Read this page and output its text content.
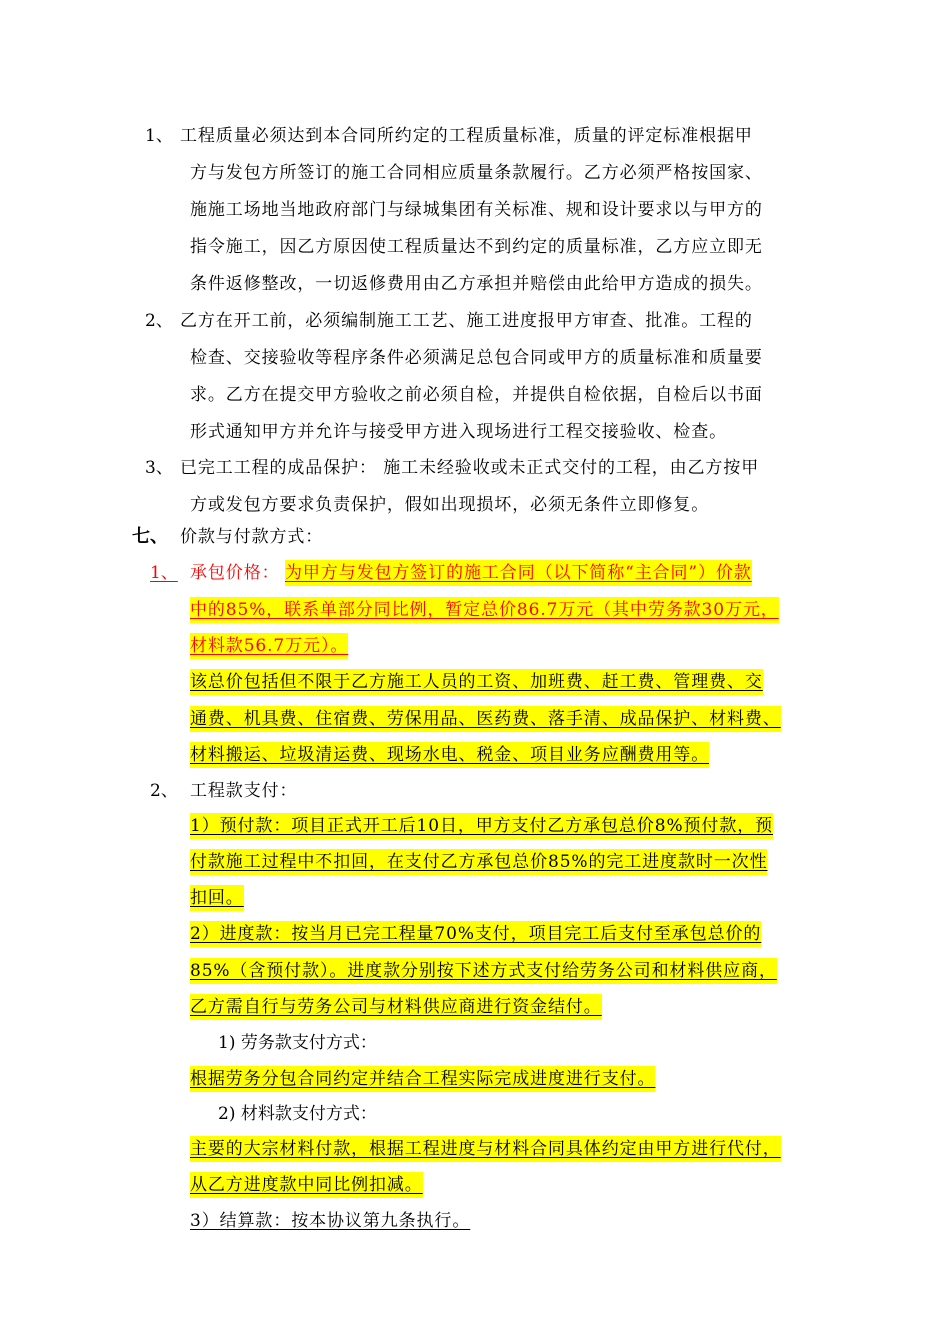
1、 工程质量必须达到本合同所约定的工程质量标准，质量的评定标准根据甲
方与发包方所签订的施工合同相应质量条款履行。乙方必须严格按国家、
施施工场地当地政府部门与绿城集团有关标准、规和设计要求以与甲方的
指令施工，因乙方原因使工程质量达不到约定的质量标准，乙方应立即无
条件返修整改，一切返修费用由乙方承担并赔偿由此给甲方造成的损失。
2、 乙方在开工前，必须编制施工工艺、施工进度报甲方审查、批准。工程的
检查、交接验收等程序条件必须满足总包合同或甲方的质量标准和质量要
求。乙方在提交甲方验收之前必须自检，并提供自检依据，自检后以书面
形式通知甲方并允许与接受甲方进入现场进行工程交接验收、检查。
3、 已完工工程的成品保护： 施工未经验收或未正式交付的工程，由乙方按甲
方或发包方要求负责保护，假如出现损坏，必须无条件立即修复。
七、 价款与付款方式：
1、 承包价格： 为甲方与发包方签订的施工合同（以下简称“主合同”）价款
中的85%，联系单部分同比例，暂定总价86.7万元（其中劳务款30万元，
材料款56.7万元）。
该总价包括但不限于乙方施工人员的工资、加班费、赶工费、管理费、交
通费、机具费、住宿费、劳保用品、医药费、落手清、成品保护、材料费、
材料搬运、垃圾清运费、现场水电、税金、项目业务应酬费用等。
2、 工程款支付：
1）预付款：项目正式开工后10日，甲方支付乙方承包总价8%预付款，预
付款施工过程中不扣回，在支付乙方承包总价85%的完工进度款时一次性
扣回。
2）进度款：按当月已完工程量70%支付，项目完工后支付至承包总价的
85%（含预付款）。进度款分别按下述方式支付给劳务公司和材料供应商，
乙方需自行与劳务公司与材料供应商进行资金结付。
1) 劳务款支付方式：
根据劳务分包合同约定并结合工程实际完成进度进行支付。
2) 材料款支付方式：
主要的大宗材料付款，根据工程进度与材料合同具体约定由甲方进行代付，
从乙方进度款中同比例扣减。
3）结算款：按本协议第九条执行。
